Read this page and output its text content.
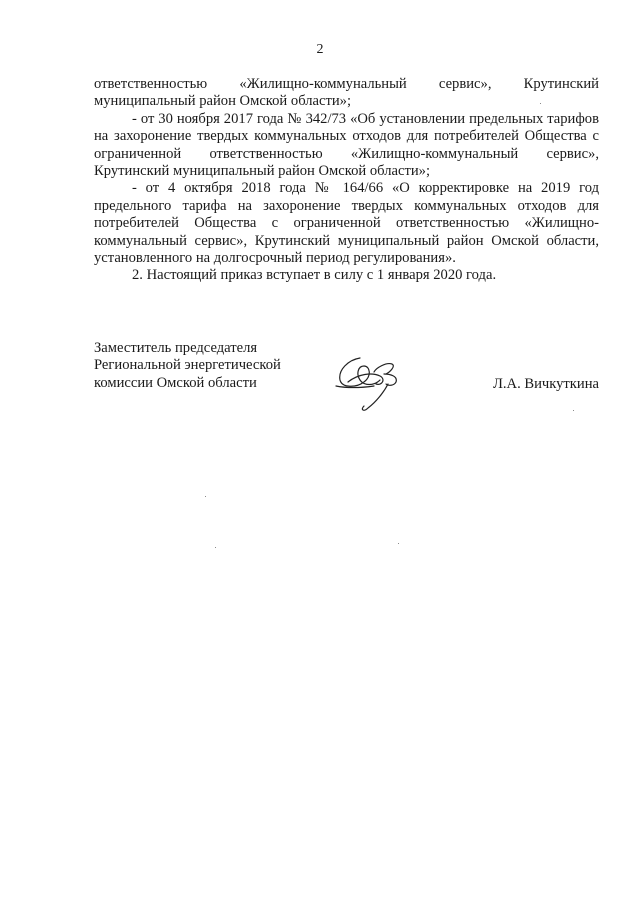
2

ответственностью «Жилищно-коммунальный сервис», Крутинский муниципальный район Омской области»;

- от 30 ноября 2017 года № 342/73 «Об установлении предельных тарифов на захоронение твердых коммунальных отходов для потребителей Общества с ограниченной ответственностью «Жилищно-коммунальный сервис», Крутинский муниципальный район Омской области»;

- от 4 октября 2018 года № 164/66 «О корректировке на 2019 год предельного тарифа на захоронение твердых коммунальных отходов для потребителей Общества с ограниченной ответственностью «Жилищно-коммунальный сервис», Крутинский муниципальный район Омской области, установленного на долгосрочный период регулирования».

2. Настоящий приказ вступает в силу с 1 января 2020 года.

Заместитель председателя
Региональной энергетической
комиссии Омской области	Л.А. Вичкуткина
